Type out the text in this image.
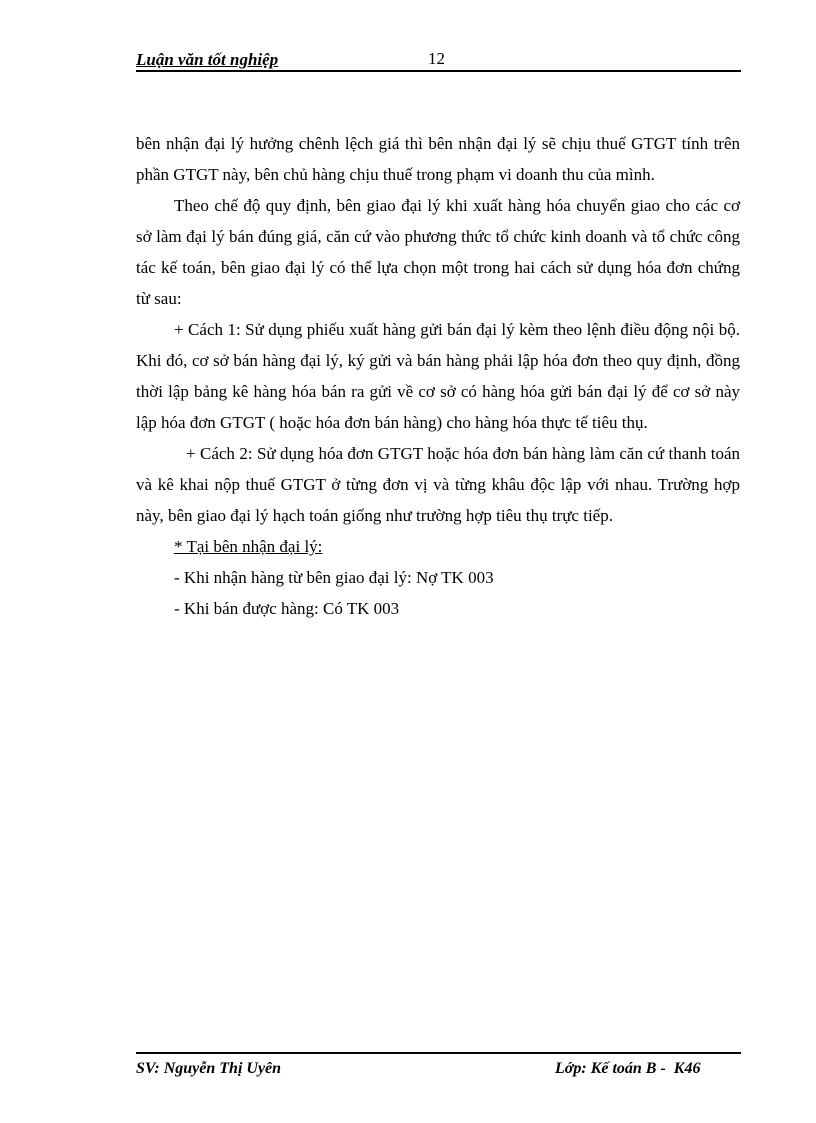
Luận văn tốt nghiệp	12

bên nhận đại lý hưởng chênh lệch giá thì bên nhận đại lý sẽ chịu thuế GTGT tính trên phần GTGT này, bên chủ hàng chịu thuế trong phạm vi doanh thu của mình.

Theo chế độ quy định, bên giao đại lý khi xuất hàng hóa chuyển giao cho các cơ sở làm đại lý bán đúng giá, căn cứ vào phương thức tổ chức kinh doanh và tổ chức công tác kế toán, bên giao đại lý có thể lựa chọn một trong hai cách sử dụng hóa đơn chứng từ sau:

+ Cách 1: Sử dụng phiếu xuất hàng gửi bán đại lý kèm theo lệnh điều động nội bộ. Khi đó, cơ sở bán hàng đại lý, ký gửi và bán hàng phải lập hóa đơn theo quy định, đồng thời lập bảng kê hàng hóa bán ra gửi về cơ sở có hàng hóa gửi bán đại lý để cơ sở này lập hóa đơn GTGT ( hoặc hóa đơn bán hàng) cho hàng hóa thực tế tiêu thụ.

+ Cách 2: Sử dụng hóa đơn GTGT hoặc hóa đơn bán hàng làm căn cứ thanh toán và kê khai nộp thuế GTGT ở từng đơn vị và từng khâu độc lập với nhau. Trường hợp này, bên giao đại lý hạch toán giống như trường hợp tiêu thụ trực tiếp.

* Tại bên nhận đại lý:

- Khi nhận hàng từ bên giao đại lý: Nợ TK 003

- Khi bán được hàng: Có TK 003

SV: Nguyễn Thị Uyên	Lớp: Kế toán B -  K46
